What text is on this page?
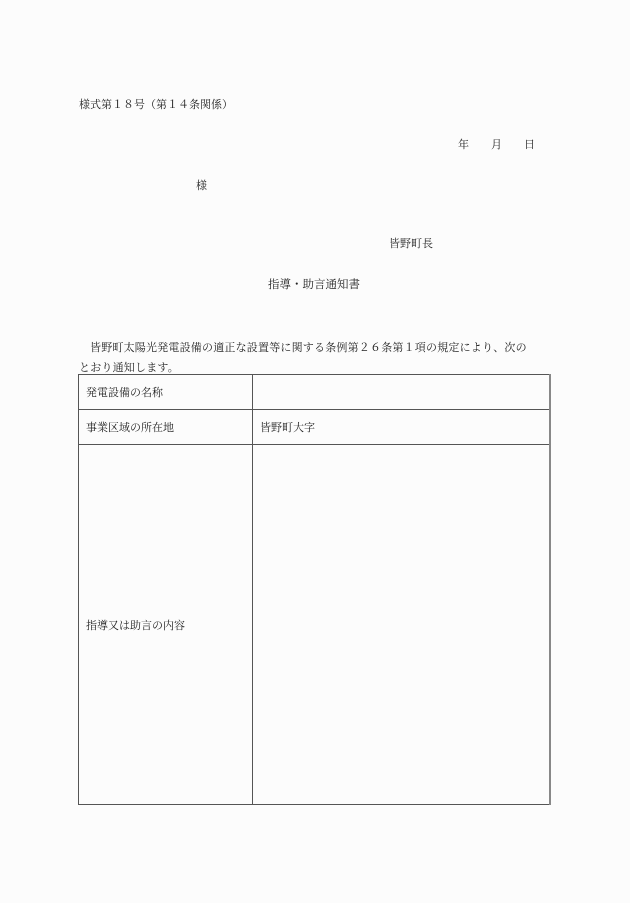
様式第１８号（第１４条関係）
年 月 日
様
皆野町長
指導・助言通知書
皆野町太陽光発電設備の適正な設置等に関する条例第２６条第１項の規定により、次の
とおり通知します。
発電設備の名称	
事業区域の所在地	皆野町大字
指導又は助言の内容	
